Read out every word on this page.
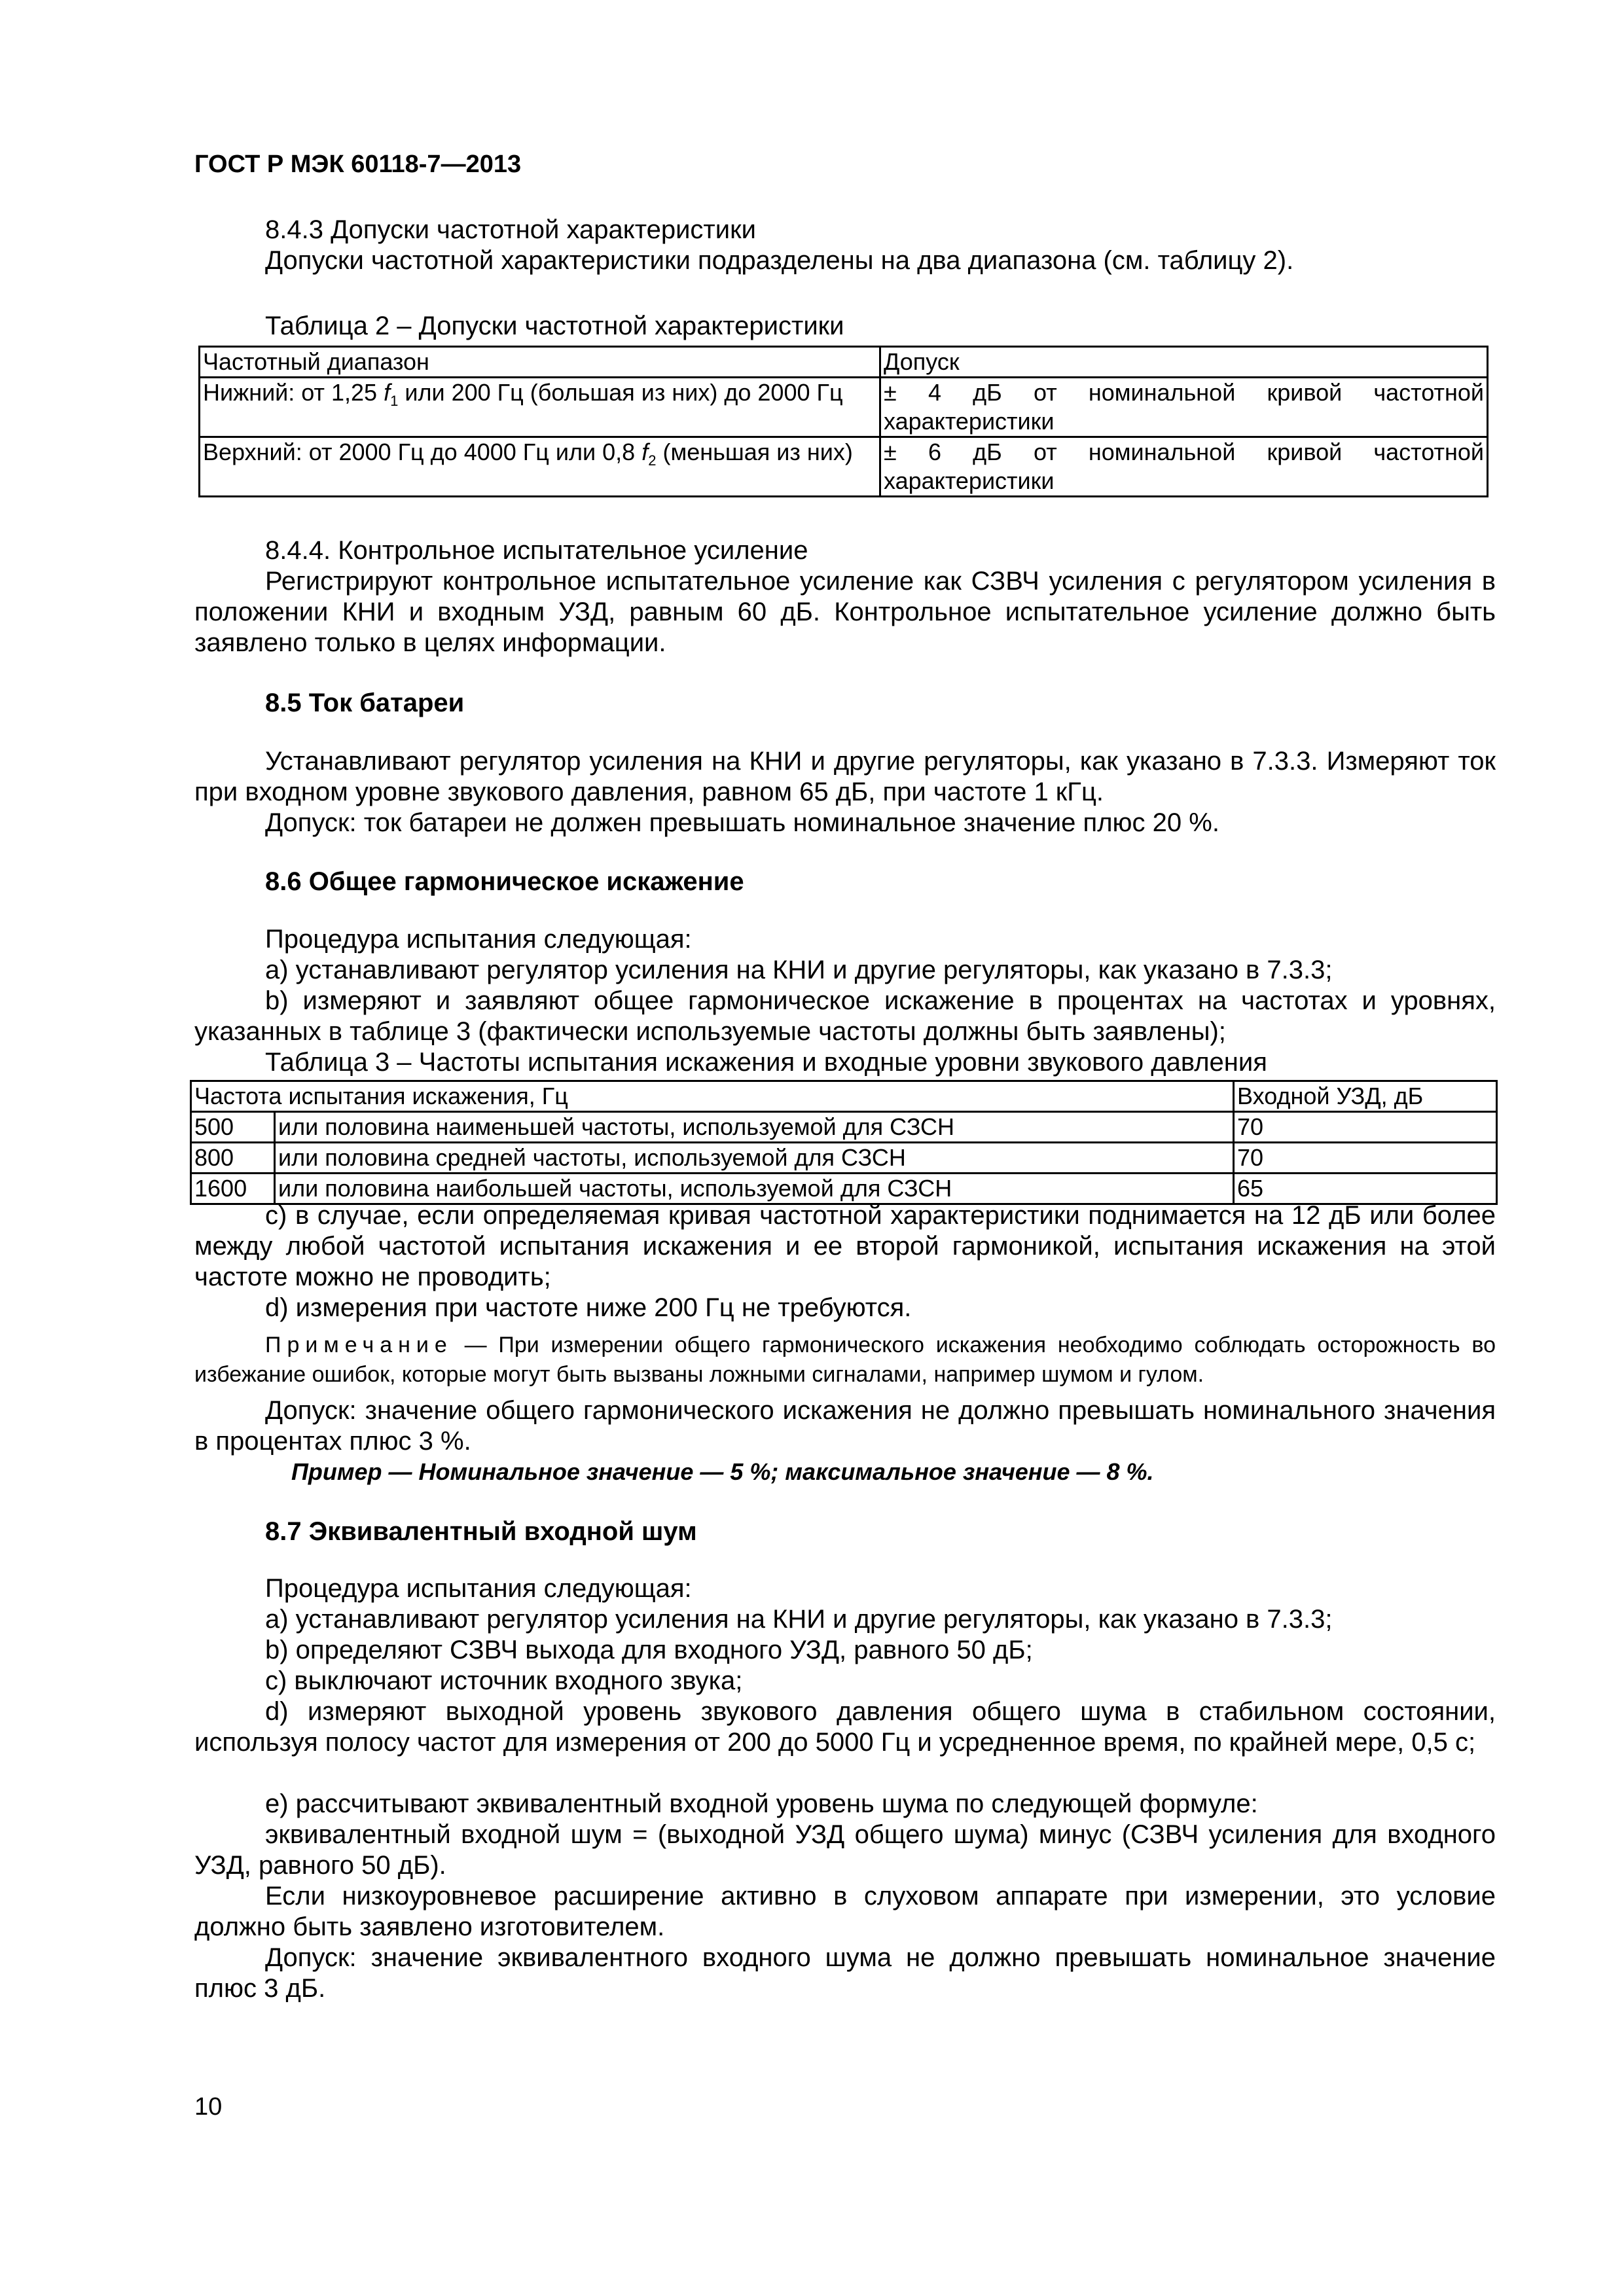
ГОСТ Р МЭК 60118-7—2013
8.4.3 Допуски частотной характеристики
Допуски частотной характеристики подразделены на два диапазона (см. таблицу 2).
Таблица 2 – Допуски частотной характеристики
Частотный диапазон	Допуск
Нижний: от 1,25 $f_1$ или 200 Гц (большая из них) до 2000 Гц	± 4 дБ от номинальной кривой частотной характеристики
Верхний: от 2000 Гц до 4000 Гц или 0,8 $f_2$ (меньшая из них)	± 6 дБ от номинальной кривой частотной характеристики
8.4.4. Контрольное испытательное усиление
Регистрируют контрольное испытательное усиление как СЗВЧ усиления с регулятором усиления в положении КНИ и входным УЗД, равным 60 дБ. Контрольное испытательное усиление должно быть заявлено только в целях информации.
8.5 Ток батареи
Устанавливают регулятор усиления на КНИ и другие регуляторы, как указано в 7.3.3. Измеряют ток при входном уровне звукового давления, равном 65 дБ, при частоте 1 кГц.
Допуск: ток батареи не должен превышать номинальное значение плюс 20 %.
8.6 Общее гармоническое искажение
Процедура испытания следующая:
а) устанавливают регулятор усиления на КНИ и другие регуляторы, как указано в 7.3.3;
b) измеряют и заявляют общее гармоническое искажение в процентах на частотах и уровнях, указанных в таблице 3 (фактически используемые частоты должны быть заявлены);
Таблица 3 – Частоты испытания искажения и входные уровни звукового давления
Частота испытания искажения, Гц		Входной УЗД, дБ
500	или половина наименьшей частоты, используемой для СЗСН	70
800	или половина средней частоты, используемой для СЗСН	70
1600	или половина наибольшей частоты, используемой для СЗСН	65
с) в случае, если определяемая кривая частотной характеристики поднимается на 12 дБ или более между любой частотой испытания искажения и ее второй гармоникой, испытания искажения на этой частоте можно не проводить;
d) измерения при частоте ниже 200 Гц не требуются.
Примечание — При измерении общего гармонического искажения необходимо соблюдать осторожность во избежание ошибок, которые могут быть вызваны ложными сигналами, например шумом и гулом.
Допуск: значение общего гармонического искажения не должно превышать номинального значения в процентах плюс 3 %.
Пример — Номинальное значение — 5 %; максимальное значение — 8 %.
8.7 Эквивалентный входной шум
Процедура испытания следующая:
а) устанавливают регулятор усиления на КНИ и другие регуляторы, как указано в 7.3.3;
b) определяют СЗВЧ выхода для входного УЗД, равного 50 дБ;
с) выключают источник входного звука;
d) измеряют выходной уровень звукового давления общего шума в стабильном состоянии, используя полосу частот для измерения от 200 до 5000 Гц и усредненное время, по крайней мере, 0,5 с;
е) рассчитывают эквивалентный входной уровень шума по следующей формуле:
эквивалентный входной шум = (выходной УЗД общего шума) минус (СЗВЧ усиления для входного УЗД, равного 50 дБ).
Если низкоуровневое расширение активно в слуховом аппарате при измерении, это условие должно быть заявлено изготовителем.
Допуск: значение эквивалентного входного шума не должно превышать номинальное значение плюс 3 дБ.
10
